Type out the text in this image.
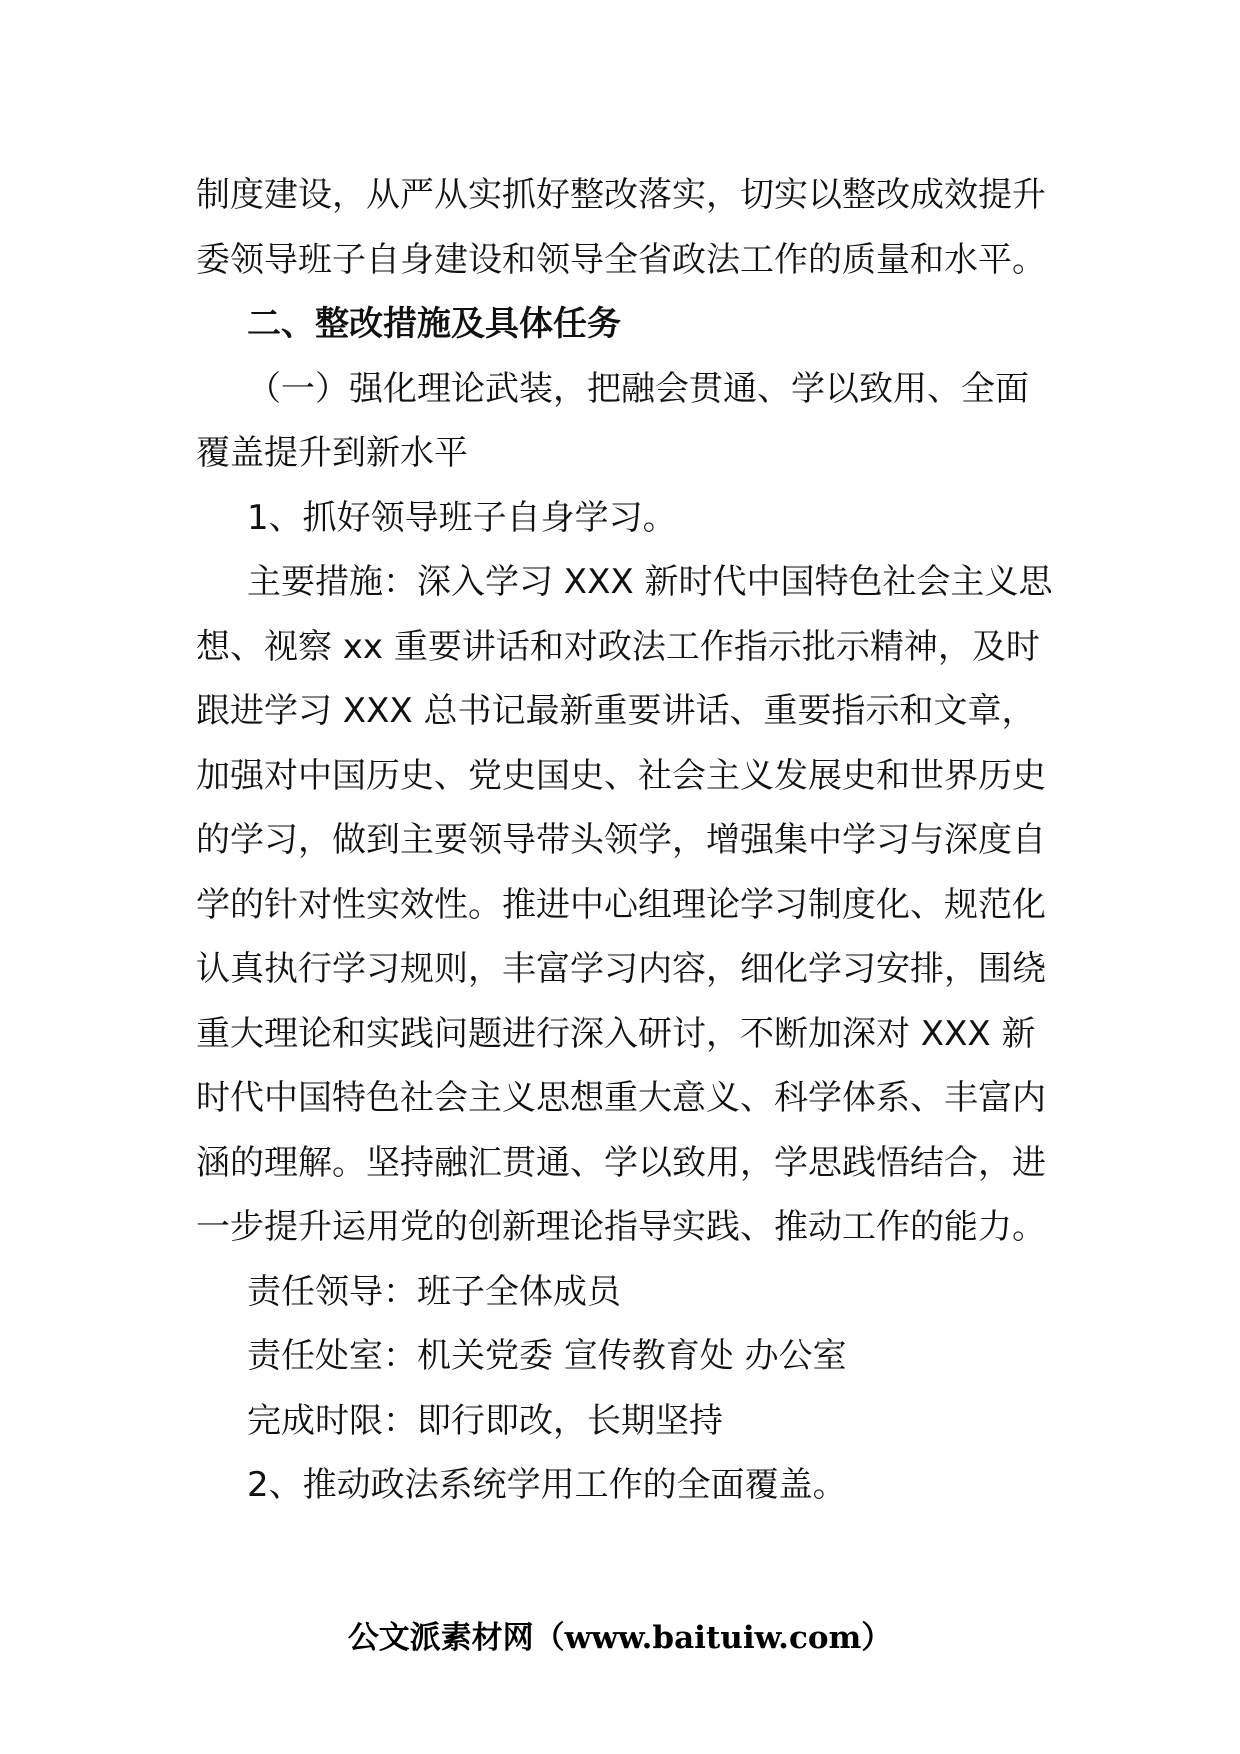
制度建设，从严从实抓好整改落实，切实以整改成效提升
委领导班子自身建设和领导全省政法工作的质量和水平。
二、整改措施及具体任务
（一）强化理论武装，把融会贯通、学以致用、全面
覆盖提升到新水平
1、抓好领导班子自身学习。
主要措施：深入学习 XXX 新时代中国特色社会主义思
想、视察 xx 重要讲话和对政法工作指示批示精神，及时
跟进学习 XXX 总书记最新重要讲话、重要指示和文章，
加强对中国历史、党史国史、社会主义发展史和世界历史
的学习，做到主要领导带头领学，增强集中学习与深度自
学的针对性实效性。推进中心组理论学习制度化、规范化
认真执行学习规则，丰富学习内容，细化学习安排，围绕
重大理论和实践问题进行深入研讨，不断加深对 XXX 新
时代中国特色社会主义思想重大意义、科学体系、丰富内
涵的理解。坚持融汇贯通、学以致用，学思践悟结合，进
一步提升运用党的创新理论指导实践、推动工作的能力。
责任领导：班子全体成员
责任处室：机关党委 宣传教育处 办公室
完成时限：即行即改，长期坚持
2、推动政法系统学用工作的全面覆盖。
公文派素材网（www.baituiw.com）
